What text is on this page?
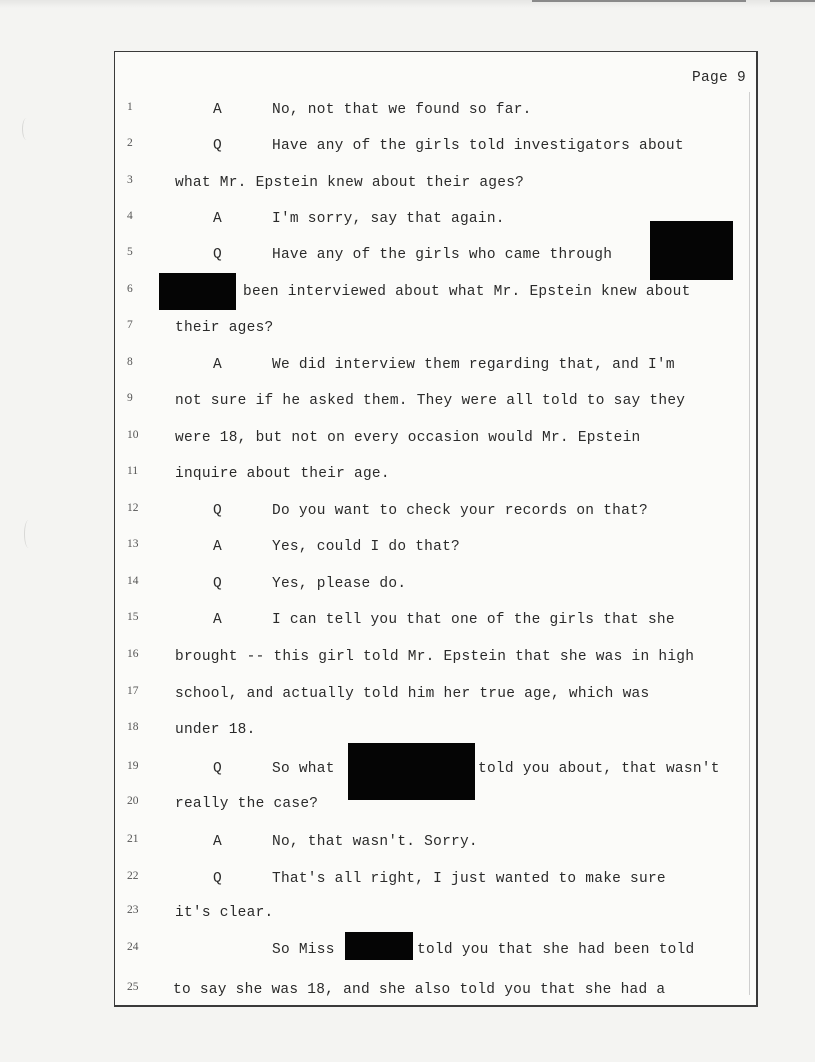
Page 9
1	A	No, not that we found so far.
2	Q	Have any of the girls told investigators about
3	what Mr. Epstein knew about their ages?
4	A	I'm sorry, say that again.
5	Q	Have any of the girls who came through
6	been interviewed about what Mr. Epstein knew about
7	their ages?
8	A	We did interview them regarding that, and I'm
9	not sure if he asked them. They were all told to say they
10	were 18, but not on every occasion would Mr. Epstein
11	inquire about their age.
12	Q	Do you want to check your records on that?
13	A	Yes, could I do that?
14	Q	Yes, please do.
15	A	I can tell you that one of the girls that she
16	brought -- this girl told Mr. Epstein that she was in high
17	school, and actually told him her true age, which was
18	under 18.
19	Q	So what	told you about, that wasn't
20	really the case?
21	A	No, that wasn't. Sorry.
22	Q	That's all right, I just wanted to make sure
23	it's clear.
24	So Miss	told you that she had been told
25	to say she was 18, and she also told you that she had a
